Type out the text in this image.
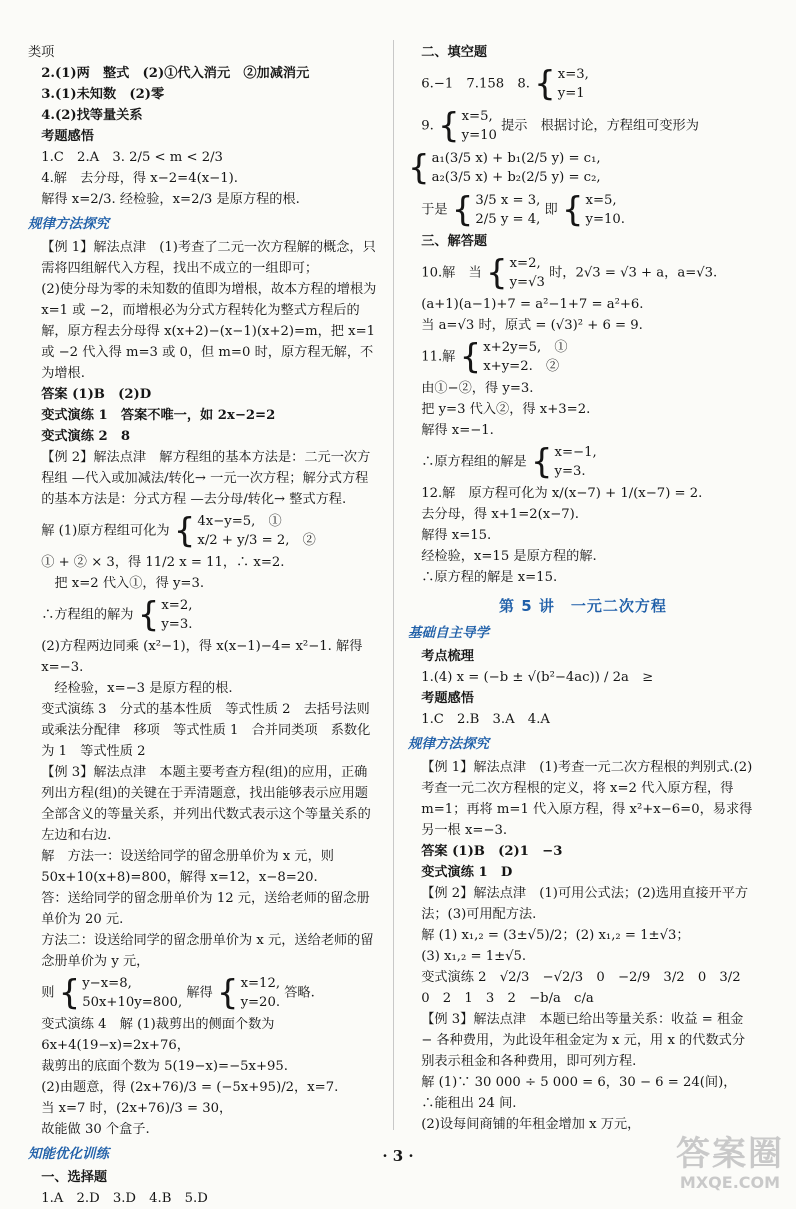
类项

2.(1)两　整式　(2)①代入消元　②加减消元

3.(1)未知数　(2)零

4.(2)找等量关系

考题感悟

1.C　2.A　3. 2/5 < m < 2/3

4.解　去分母，得 x−2=4(x−1).

解得 x=2/3. 经检验，x=2/3 是原方程的根.

规律方法探究

【例 1】解法点津　(1)考查了二元一次方程解的概念，只需将四组解代入方程，找出不成立的一组即可；

(2)使分母为零的未知数的值即为增根，故本方程的增根为 x=1 或 −2，而增根必为分式方程转化为整式方程后的解，原方程去分母得 x(x+2)−(x−1)(x+2)=m，把 x=1 或 −2 代入得 m=3 或 0，但 m=0 时，原方程无解，不为增根.

答案 (1)B　(2)D

变式演练 1　答案不唯一，如 2x−2=2

变式演练 2　8

【例 2】解法点津　解方程组的基本方法是：二元一次方程组 —代入或加减法/转化→ 一元一次方程；解分式方程的基本方法是：分式方程 —去分母/转化→ 整式方程.

解 (1)原方程组可化为 { 4x−y=5,　①
x/2 + y/3 = 2,　②

① + ② × 3，得 11/2 x = 11，∴ x=2.

把 x=2 代入①，得 y=3.

∴方程组的解为 { x=2,
y=3.

(2)方程两边同乘 (x²−1)，得 x(x−1)−4= x²−1. 解得 x=−3.

经检验，x=−3 是原方程的根.

变式演练 3　分式的基本性质　等式性质 2　去括号法则或乘法分配律　移项　等式性质 1　合并同类项　系数化为 1　等式性质 2

【例 3】解法点津　本题主要考查方程(组)的应用，正确列出方程(组)的关键在于弄清题意，找出能够表示应用题全部含义的等量关系，并列出代数式表示这个等量关系的左边和右边.

解　方法一：设送给同学的留念册单价为 x 元，则 50x+10(x+8)=800，解得 x=12，x−8=20.

答：送给同学的留念册单价为 12 元，送给老师的留念册单价为 20 元.

方法二：设送给同学的留念册单价为 x 元，送给老师的留念册单价为 y 元，

则 { y−x=8,
50x+10y=800,
解得 { x=12,
y=20.
答略.

变式演练 4　解 (1)裁剪出的侧面个数为 6x+4(19−x)=2x+76，

裁剪出的底面个数为 5(19−x)=−5x+95.

(2)由题意，得 (2x+76)/3 = (−5x+95)/2，x=7.

当 x=7 时，(2x+76)/3 = 30，

故能做 30 个盒子.

知能优化训练

一、选择题

1.A　2.D　3.D　4.B　5.D

二、填空题

6.−1　7.158　8. { x=3,
y=1

9. { x=5,
y=10
提示　根据讨论，方程组可变形为

{ a₁(3/5 x) + b₁(2/5 y) = c₁,
a₂(3/5 x) + b₂(2/5 y) = c₂,

于是 { 3/5 x = 3,
2/5 y = 4,
即 { x=5,
y=10.

三、解答题

10.解　当 { x=2,
y=√3
时，2√3 = √3 + a，a=√3.

(a+1)(a−1)+7 = a²−1+7 = a²+6.

当 a=√3 时，原式 = (√3)² + 6 = 9.

11.解 { x+2y=5,　①
x+y=2.　②

由①−②，得 y=3.

把 y=3 代入②，得 x+3=2.

解得 x=−1.

∴原方程组的解是 { x=−1,
y=3.

12.解　原方程可化为 x/(x−7) + 1/(x−7) = 2.

去分母，得 x+1=2(x−7).

解得 x=15.

经检验，x=15 是原方程的解.

∴原方程的解是 x=15.

第 5 讲　一元二次方程

基础自主导学

考点梳理

1.(4) x = (−b ± √(b²−4ac)) / 2a　≥

考题感悟

1.C　2.B　3.A　4.A

规律方法探究

【例 1】解法点津　(1)考查一元二次方程根的判别式.(2)考查一元二次方程根的定义，将 x=2 代入原方程，得 m=1；再将 m=1 代入原方程，得 x²+x−6=0，易求得另一根 x=−3.

答案 (1)B　(2)1　−3

变式演练 1　D

【例 2】解法点津　(1)可用公式法；(2)选用直接开平方法；(3)可用配方法.

解 (1) x₁,₂ = (3±√5)/2；(2) x₁,₂ = 1±√3；

(3) x₁,₂ = 1±√5.

变式演练 2　√2/3　−√2/3　0　−2/9　3/2　0　3/2

0　2　1　3　2　−b/a　c/a

【例 3】解法点津　本题已给出等量关系：收益 = 租金 − 各种费用，为此设年租金定为 x 元，用 x 的代数式分别表示租金和各种费用，即可列方程.

解 (1)∵ 30 000 ÷ 5 000 = 6，30 − 6 = 24(间)，

∴能租出 24 间.

(2)设每间商铺的年租金增加 x 万元，

· 3 ·	答案圈
MXQE.COM
